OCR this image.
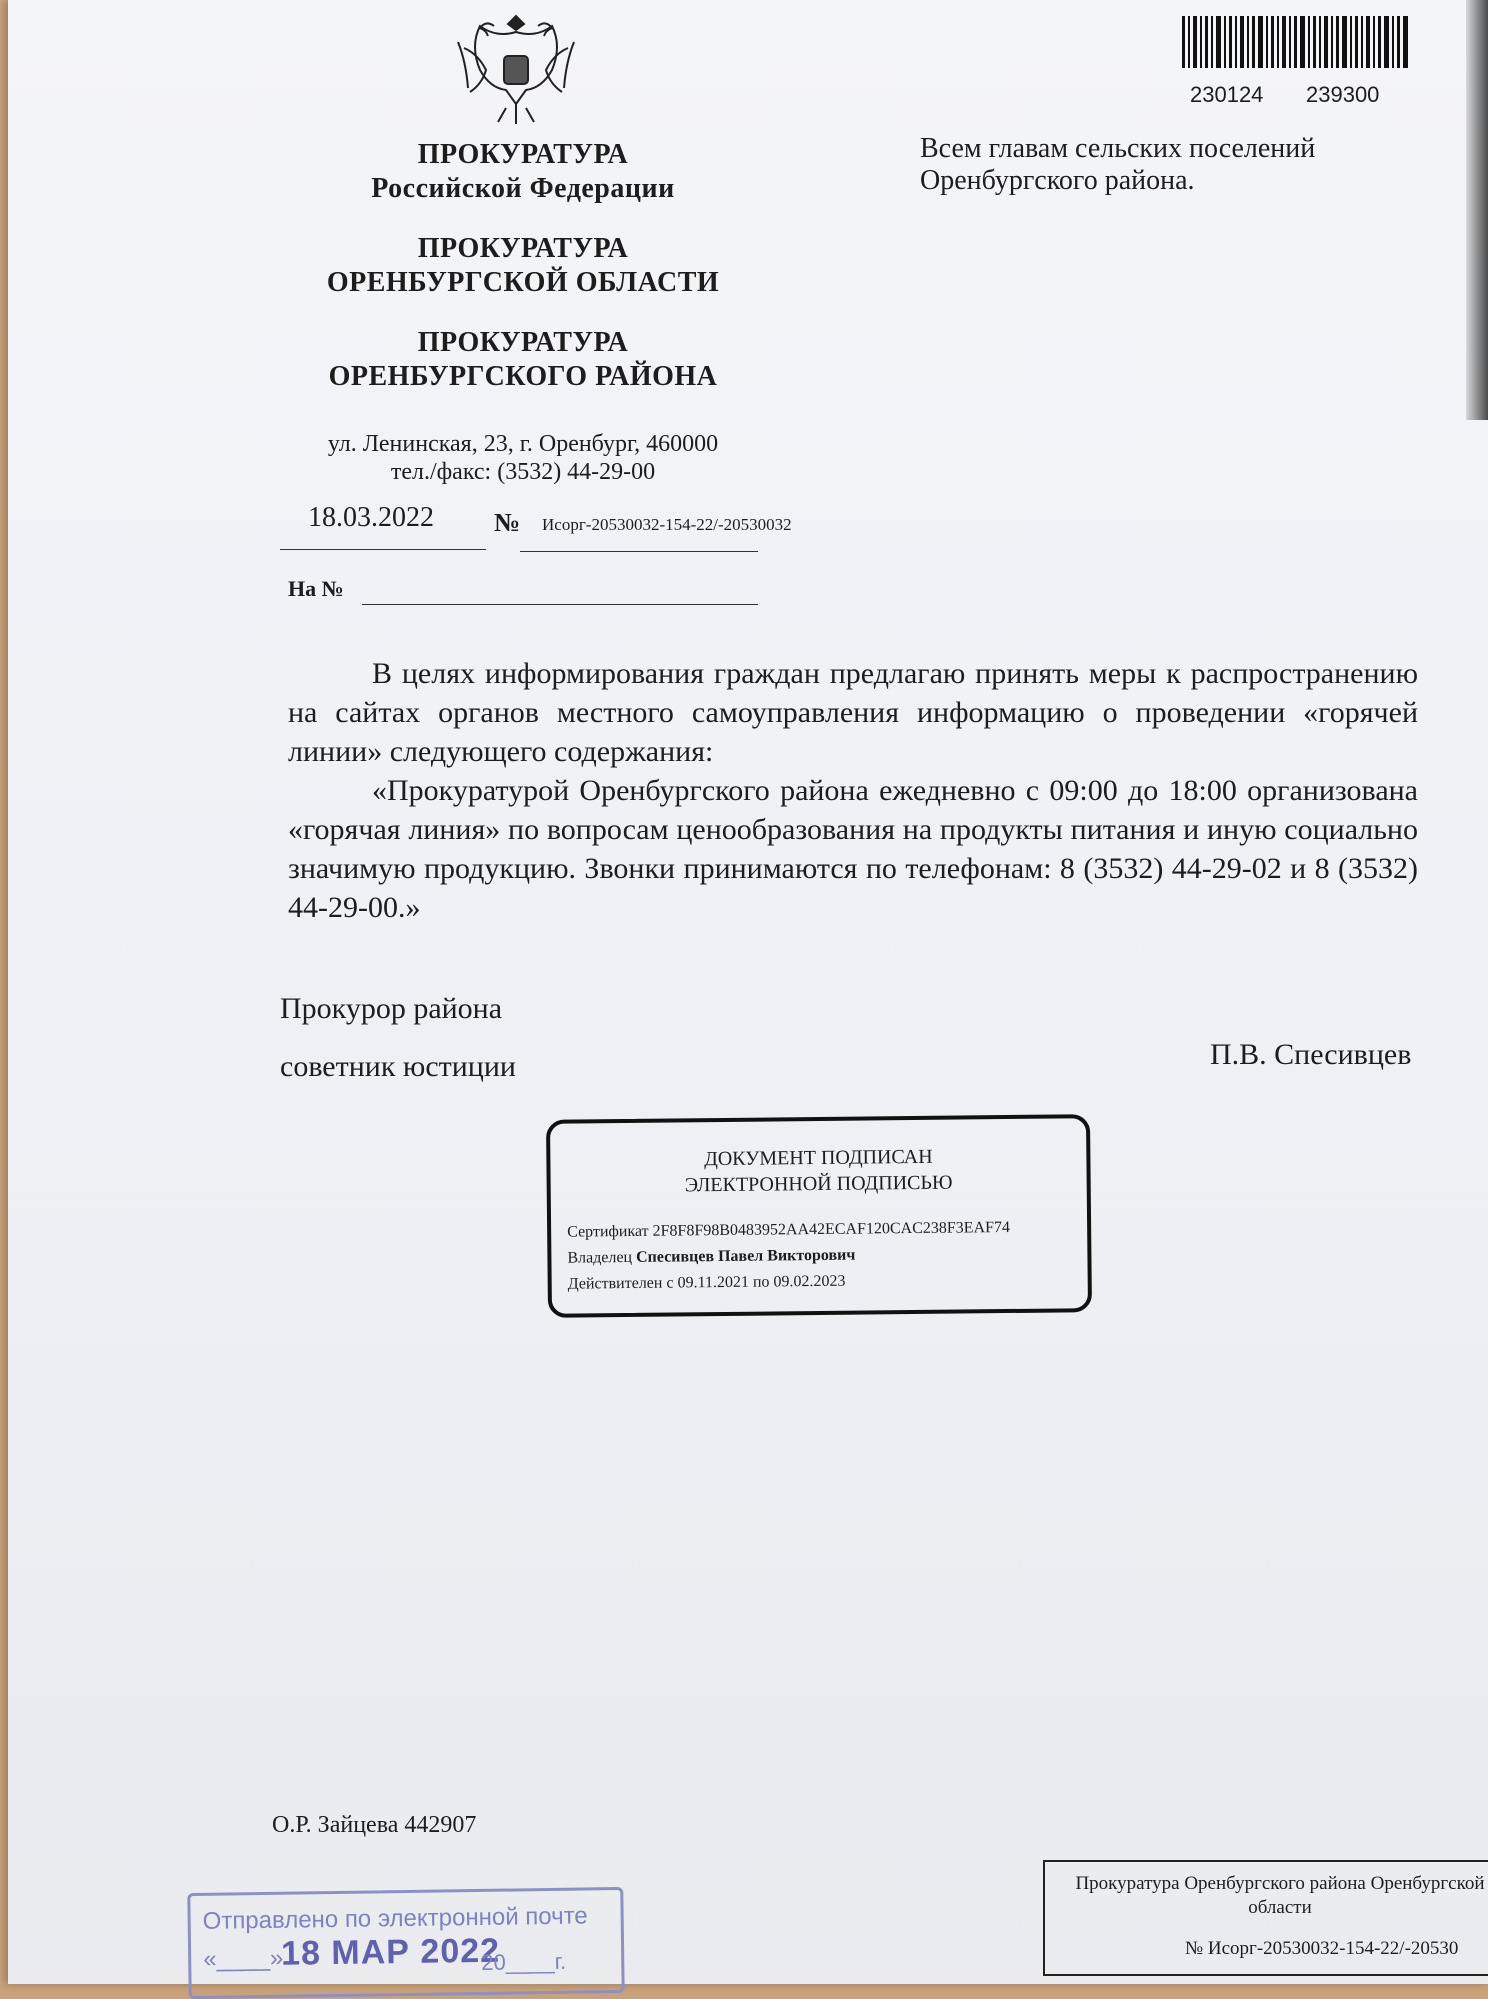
ПРОКУРАТУРА
Российской Федерации
ПРОКУРАТУРА
ОРЕНБУРГСКОЙ ОБЛАСТИ
ПРОКУРАТУРА
ОРЕНБУРГСКОГО РАЙОНА
ул. Ленинская, 23, г. Оренбург, 460000
тел./факс: (3532) 44-29-00
230124 239300
Всем главам сельских поселений
Оренбургского района.
18.03.2022 № Исорг-20530032-154-22/-20530032
На №

В целях информирования граждан предлагаю принять меры к распространению на сайтах органов местного самоуправления информацию о проведении «горячей линии» следующего содержания:

«Прокуратурой Оренбургского района ежедневно с 09:00 до 18:00 организована «горячая линия» по вопросам ценообразования на продукты питания и иную социально значимую продукцию. Звонки принимаются по телефонам: 8 (3532) 44-29-02 и 8 (3532) 44-29-00.»

Прокурор района
советник юстиции	П.В. Спесивцев
ДОКУМЕНТ ПОДПИСАН
ЭЛЕКТРОННОЙ ПОДПИСЬЮ
Сертификат 2F8F8F98B0483952AA42ECAF120CAC238F3EAF74
Владелец Спесивцев Павел Викторович
Действителен с 09.11.2021 по 09.02.2023
О.Р. Зайцева 442907
Прокуратура Оренбургского района Оренбургской области
№ Исорг-20530032-154-22/-20530
Отправлено по электронной почте
«____»
18 МАР 2022
20____г.
